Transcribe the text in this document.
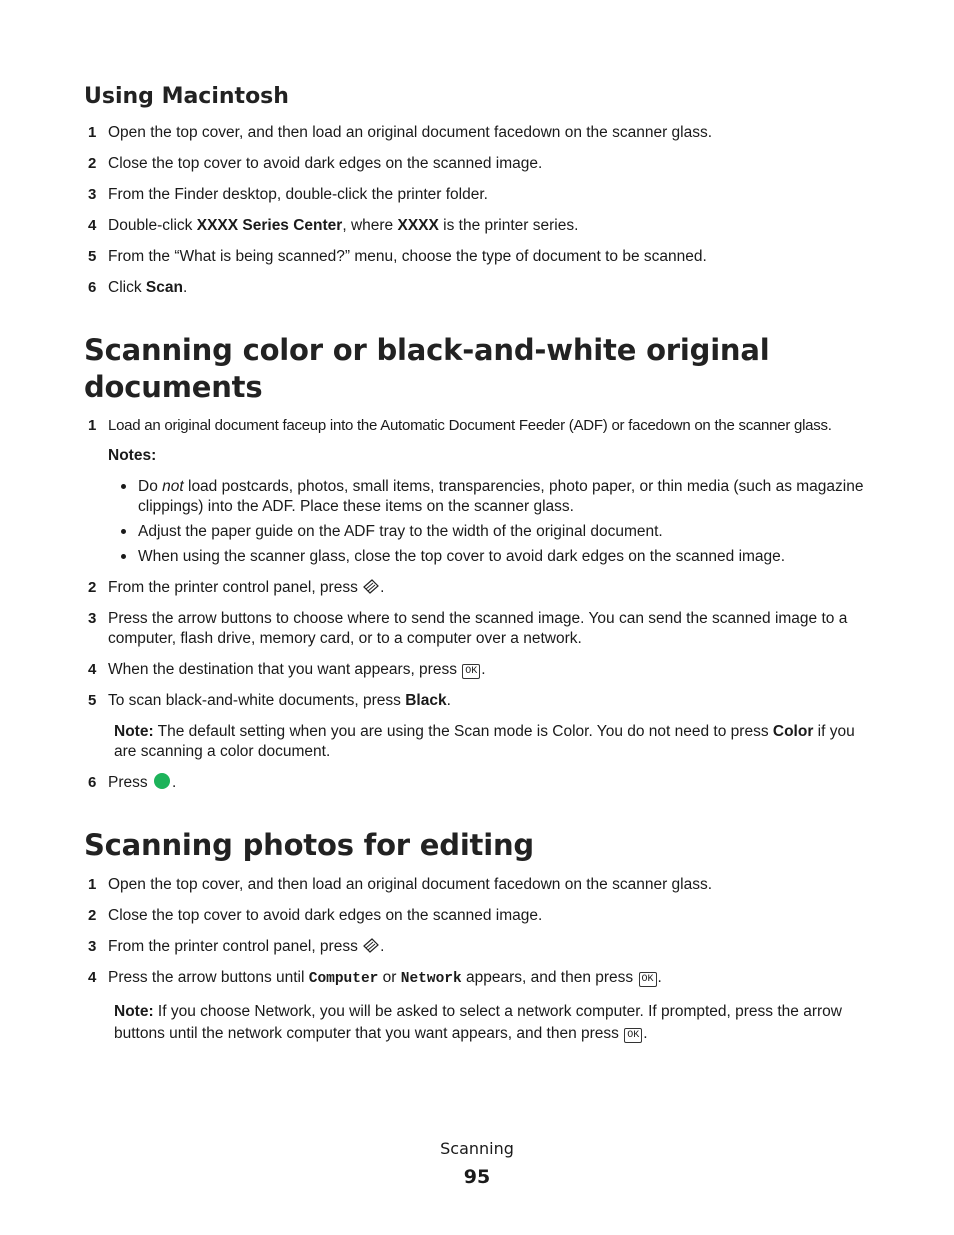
Using Macintosh
1 Open the top cover, and then load an original document facedown on the scanner glass.
2 Close the top cover to avoid dark edges on the scanned image.
3 From the Finder desktop, double-click the printer folder.
4 Double-click XXXX Series Center, where XXXX is the printer series.
5 From the “What is being scanned?” menu, choose the type of document to be scanned.
6 Click Scan.
Scanning color or black-and-white original
documents
1 Load an original document faceup into the Automatic Document Feeder (ADF) or facedown on the scanner glass.
Notes:
Do not load postcards, photos, small items, transparencies, photo paper, or thin media (such as magazine clippings) into the ADF. Place these items on the scanner glass.
Adjust the paper guide on the ADF tray to the width of the original document.
When using the scanner glass, close the top cover to avoid dark edges on the scanned image.
2 From the printer control panel, press .
3 Press the arrow buttons to choose where to send the scanned image. You can send the scanned image to a computer, flash drive, memory card, or to a computer over a network.
4 When the destination that you want appears, press OK .
5 To scan black-and-white documents, press Black.
Note: The default setting when you are using the Scan mode is Color. You do not need to press Color if you are scanning a color document.
6 Press .
Scanning photos for editing
1 Open the top cover, and then load an original document facedown on the scanner glass.
2 Close the top cover to avoid dark edges on the scanned image.
3 From the printer control panel, press .
4 Press the arrow buttons until Computer or Network appears, and then press OK .
Note: If you choose Network, you will be asked to select a network computer. If prompted, press the arrow buttons until the network computer that you want appears, and then press OK .
Scanning
95
